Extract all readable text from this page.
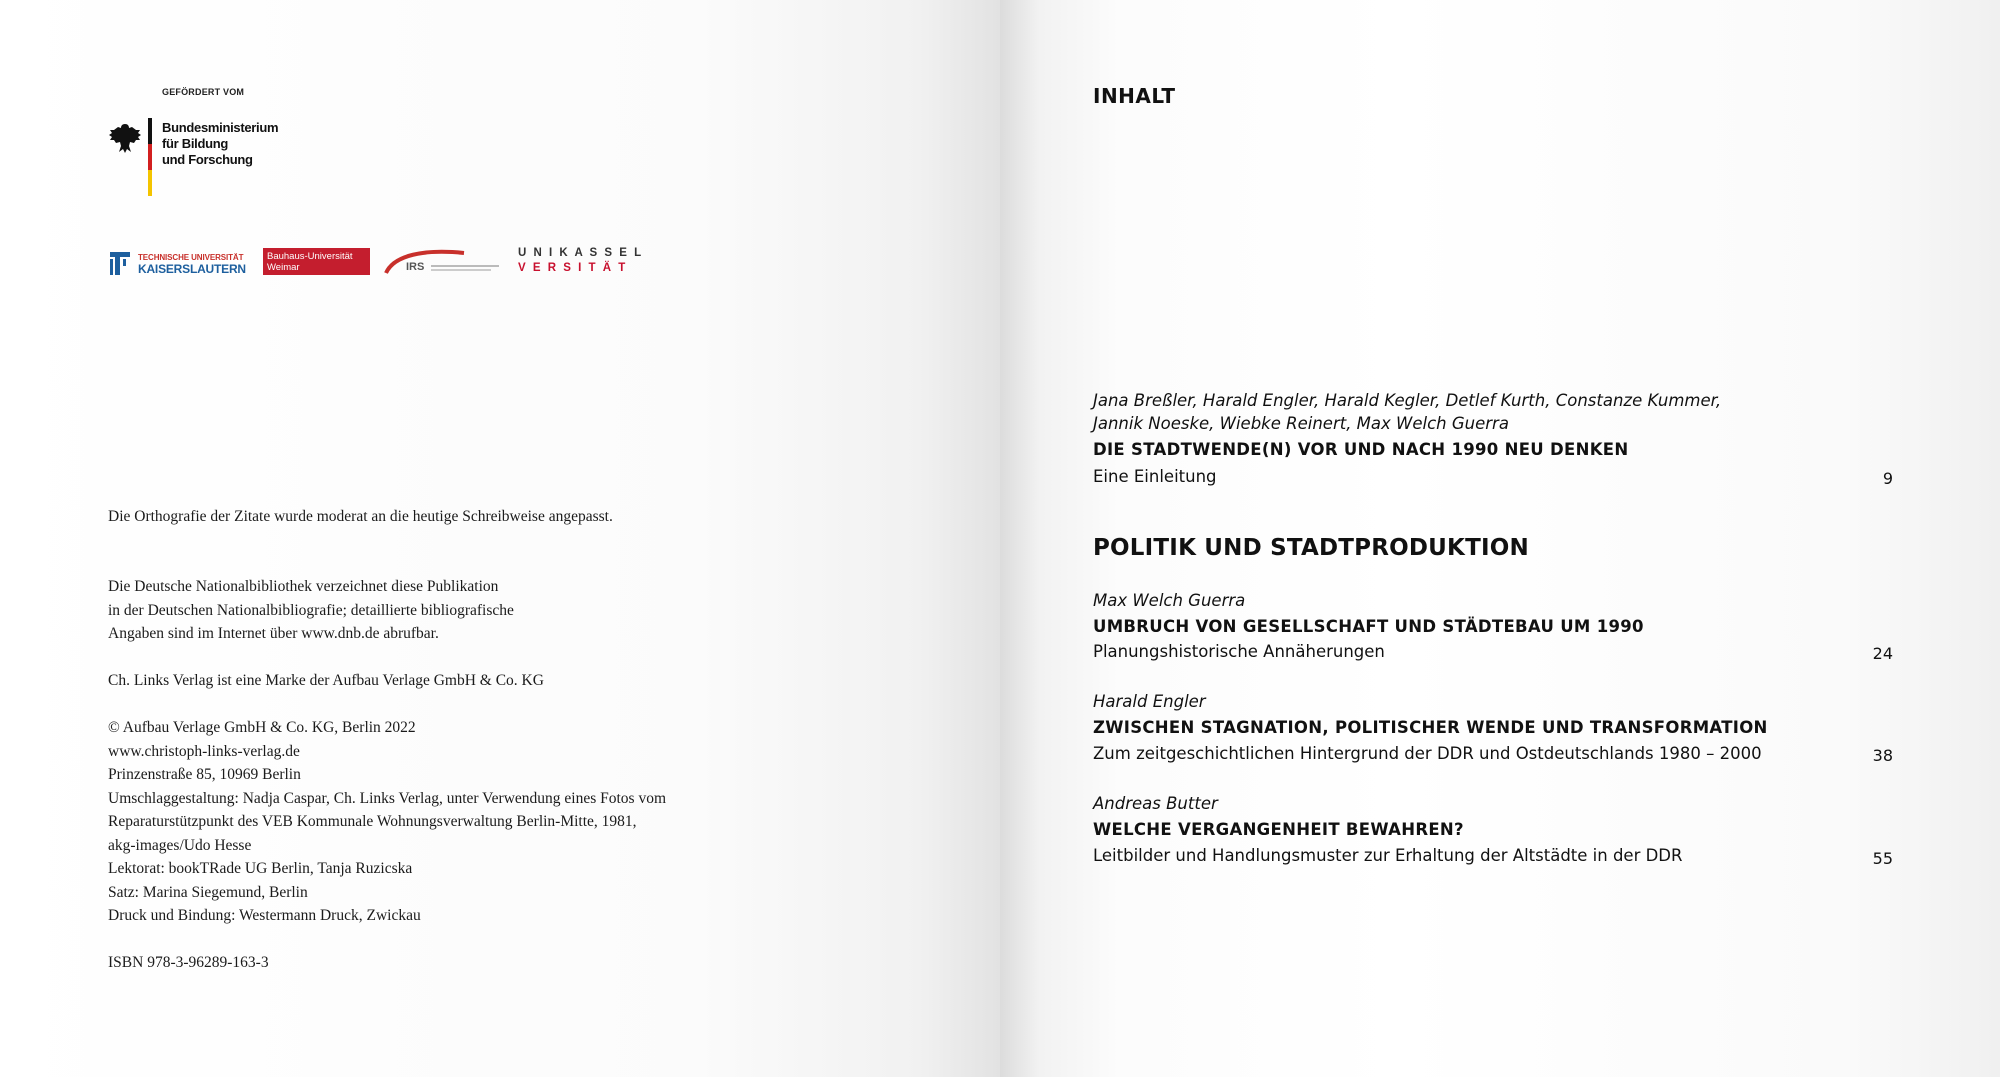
GEFÖRDERT VOM
Bundesministerium
für Bildung
und Forschung
TECHNISCHE UNIVERSITÄT
KAISERSLAUTERN
Bauhaus-Universität
Weimar	IRS
U N I K A S S E L
V E R S I T Ä T
Die Orthografie der Zitate wurde moderat an die heutige Schreibweise angepasst.
Die Deutsche Nationalbibliothek verzeichnet diese Publikation
in der Deutschen Nationalbibliografie; detaillierte bibliografische
Angaben sind im Internet über www.dnb.de abrufbar.
Ch. Links Verlag ist eine Marke der Aufbau Verlage GmbH & Co. KG
© Aufbau Verlage GmbH & Co. KG, Berlin 2022
www.christoph-links-verlag.de
Prinzenstraße 85, 10969 Berlin
Umschlaggestaltung: Nadja Caspar, Ch. Links Verlag, unter Verwendung eines Fotos vom
Reparaturstützpunkt des VEB Kommunale Wohnungsverwaltung Berlin-Mitte, 1981,
akg-images/Udo Hesse
Lektorat: bookTRade UG Berlin, Tanja Ruzicska
Satz: Marina Siegemund, Berlin
Druck und Bindung: Westermann Druck, Zwickau
ISBN 978-3-96289-163-3
INHALT
Jana Breßler, Harald Engler, Harald Kegler, Detlef Kurth, Constanze Kummer,
Jannik Noeske, Wiebke Reinert, Max Welch Guerra
DIE STADTWENDE(N) VOR UND NACH 1990 NEU DENKEN
Eine Einleitung	9
POLITIK UND STADTPRODUKTION
Max Welch Guerra
UMBRUCH VON GESELLSCHAFT UND STÄDTEBAU UM 1990
Planungshistorische Annäherungen	24
Harald Engler
ZWISCHEN STAGNATION, POLITISCHER WENDE UND TRANSFORMATION
Zum zeitgeschichtlichen Hintergrund der DDR und Ostdeutschlands 1980 – 2000	38
Andreas Butter
WELCHE VERGANGENHEIT BEWAHREN?
Leitbilder und Handlungsmuster zur Erhaltung der Altstädte in der DDR	55
